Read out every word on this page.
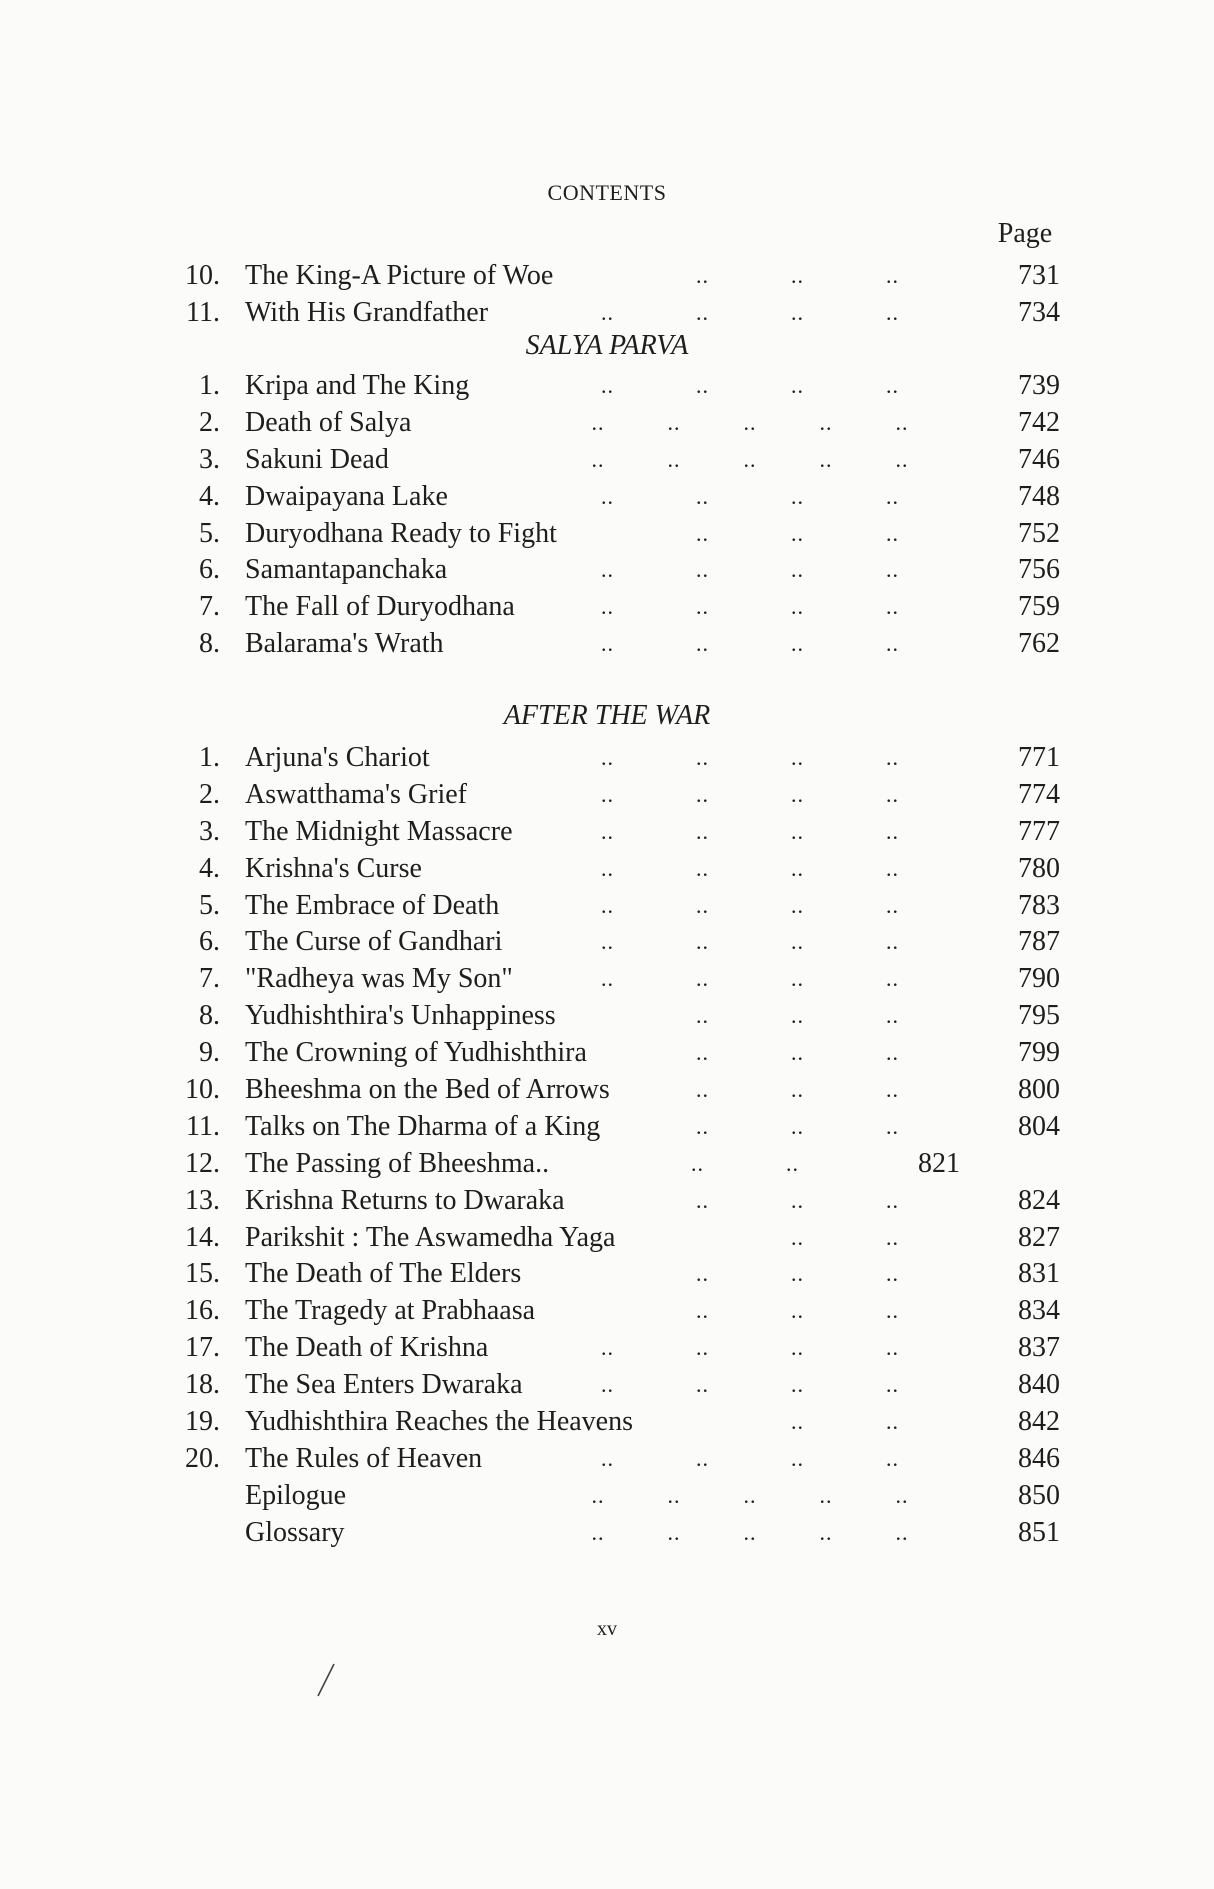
CONTENTS
Page
10. The King-A Picture of Woe	..	..	..	731
11. With His Grandfather	..	..	..	..	734
SALYA PARVA
1. Kripa and The King	..	..	..	..	739
2. Death of Salya	..	..	..	..	..	742
3. Sakuni Dead	..	..	..	..	..	746
4. Dwaipayana Lake	..	..	..	..	748
5. Duryodhana Ready to Fight	..	..	..	752
6. Samantapanchaka	..	..	..	..	756
7. The Fall of Duryodhana	..	..	..	..	759
8. Balarama's Wrath	..	..	..	..	762
AFTER THE WAR
1. Arjuna's Chariot	..	..	..	..	771
2. Aswatthama's Grief	..	..	..	..	774
3. The Midnight Massacre	..	..	..	..	777
4. Krishna's Curse	..	..	..	..	780
5. The Embrace of Death	..	..	..	..	783
6. The Curse of Gandhari	..	..	..	..	787
7. "Radheya was My Son"	..	..	..	..	790
8. Yudhishthira's Unhappiness	..	..	..	795
9. The Crowning of Yudhishthira	..	..	..	799
10. Bheeshma on the Bed of Arrows	..	..	..	800
11. Talks on The Dharma of a King	..	..	..	804
12. The Passing of Bheeshma..	..	..	821
13. Krishna Returns to Dwaraka	..	..	..	824
14. Parikshit : The Aswamedha Yaga	..	..	827
15. The Death of The Elders	..	..	..	831
16. The Tragedy at Prabhaasa	..	..	..	834
17. The Death of Krishna	..	..	..	..	837
18. The Sea Enters Dwaraka	..	..	..	..	840
19. Yudhishthira Reaches the Heavens	..	..	842
20. The Rules of Heaven	..	..	..	..	846
Epilogue	..	..	..	..	..	850
Glossary	..	..	..	..	..	851
xv
